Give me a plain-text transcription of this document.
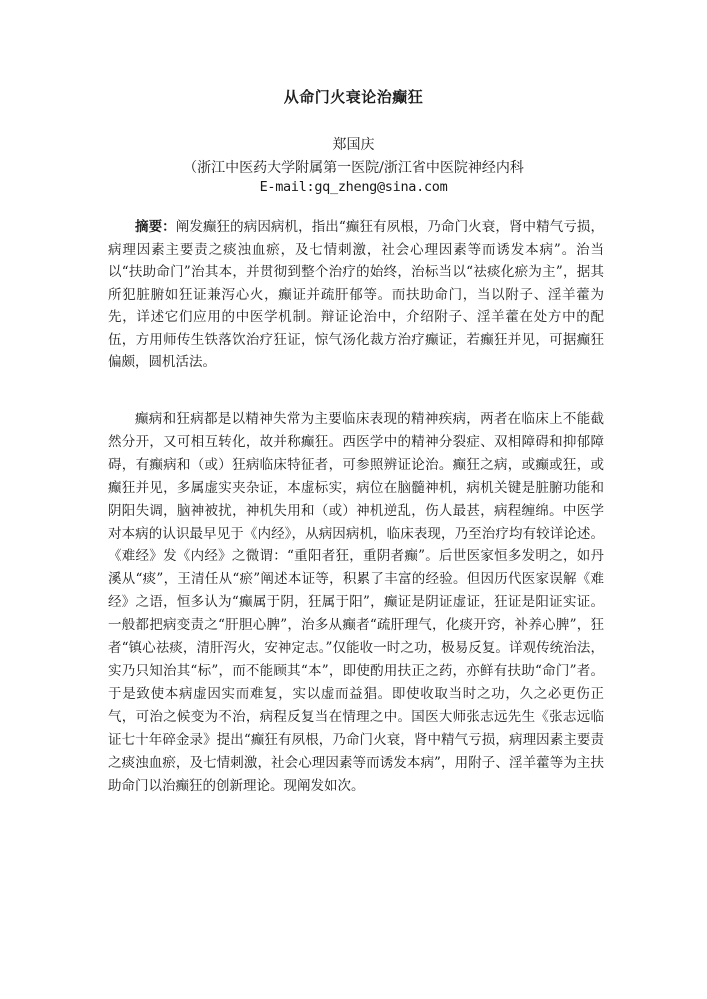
从命门火衰论治癫狂
郑国庆
（浙江中医药大学附属第一医院/浙江省中医院神经内科
E-mail:gq_zheng@sina.com

摘要：阐发癫狂的病因病机，指出“癫狂有夙根，乃命门火衰，肾中精气亏损，病理因素主要责之痰浊血瘀，及七情刺激，社会心理因素等而诱发本病”。治当以“扶助命门”治其本，并贯彻到整个治疗的始终，治标当以“祛痰化瘀为主”，据其所犯脏腑如狂证兼泻心火，癫证并疏肝郁等。而扶助命门，当以附子、淫羊藿为先，详述它们应用的中医学机制。辩证论治中，介绍附子、淫羊藿在处方中的配伍，方用师传生铁落饮治疗狂证，惊气汤化裁方治疗癫证，若癫狂并见，可据癫狂偏颇，圆机活法。

癫病和狂病都是以精神失常为主要临床表现的精神疾病，两者在临床上不能截然分开，又可相互转化，故并称癫狂。西医学中的精神分裂症、双相障碍和抑郁障碍，有癫病和（或）狂病临床特征者，可参照辨证论治。癫狂之病，或癫或狂，或癫狂并见，多属虚实夹杂证，本虚标实，病位在脑髓神机，病机关键是脏腑功能和阴阳失调，脑神被扰，神机失用和（或）神机逆乱，伤人最甚，病程缠绵。中医学对本病的认识最早见于《内经》，从病因病机，临床表现，乃至治疗均有较详论述。《难经》发《内经》之微谓：“重阳者狂，重阴者癫”。后世医家恒多发明之，如丹溪从“痰”，王清任从“瘀”阐述本证等，积累了丰富的经验。但因历代医家误解《难经》之语，恒多认为“癫属于阴，狂属于阳”，癫证是阴证虚证，狂证是阳证实证。一般都把病变责之“肝胆心脾”，治多从癫者“疏肝理气，化痰开窍，补养心脾”，狂者“镇心祛痰，清肝泻火，安神定志。”仅能收一时之功，极易反复。详观传统治法，实乃只知治其“标”，而不能顾其“本”，即使酌用扶正之药，亦鲜有扶助“命门”者。于是致使本病虚因实而难复，实以虚而益猖。即使收取当时之功，久之必更伤正气，可治之候变为不治，病程反复当在情理之中。国医大师张志远先生《张志远临证七十年碎金录》提出“癫狂有夙根，乃命门火衰，肾中精气亏损，病理因素主要责之痰浊血瘀，及七情刺激，社会心理因素等而诱发本病”，用附子、淫羊藿等为主扶助命门以治癫狂的创新理论。现阐发如次。
